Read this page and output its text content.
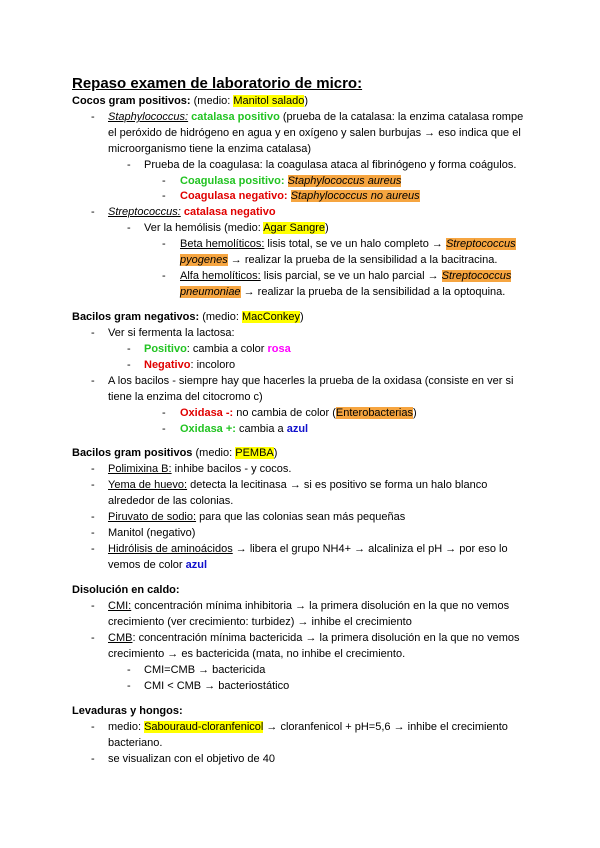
Repaso examen de laboratorio de micro:
Cocos gram positivos: (medio: Manitol salado)
- Staphylococcus: catalasa positivo (prueba de la catalasa: la enzima catalasa rompe
el peróxido de hidrógeno en agua y en oxígeno y salen burbujas → eso indica que el
microorganismo tiene la enzima catalasa)
- Prueba de la coagulasa: la coagulasa ataca al fibrinógeno y forma coágulos.
- Coagulasa positivo: Staphylococcus aureus
- Coagulasa negativo: Staphylococcus no aureus
- Streptococcus: catalasa negativo
- Ver la hemólisis (medio: Agar Sangre)
- Beta hemolíticos: lisis total, se ve un halo completo → Streptococcus
pyogenes → realizar la prueba de la sensibilidad a la bacitracina.
- Alfa hemolíticos: lisis parcial, se ve un halo parcial → Streptococcus
pneumoniae → realizar la prueba de la sensibilidad a la optoquina.
Bacilos gram negativos: (medio: MacConkey)
- Ver si fermenta la lactosa:
- Positivo: cambia a color rosa
- Negativo: incoloro
- A los bacilos - siempre hay que hacerles la prueba de la oxidasa (consiste en ver si
tiene la enzima del citocromo c)
- Oxidasa -: no cambia de color (Enterobacterias)
- Oxidasa +: cambia a azul
Bacilos gram positivos (medio: PEMBA)
- Polimixina B: inhibe bacilos - y cocos.
- Yema de huevo: detecta la lecitinasa → si es positivo se forma un halo blanco
alrededor de las colonias.
- Piruvato de sodio: para que las colonias sean más pequeñas
- Manitol (negativo)
- Hidrólisis de aminoácidos → libera el grupo NH4+ → alcaliniza el pH → por eso lo
vemos de color azul
Disolución en caldo:
- CMI: concentración mínima inhibitoria → la primera disolución en la que no vemos
crecimiento (ver crecimiento: turbidez) → inhibe el crecimiento
- CMB: concentración mínima bactericida → la primera disolución en la que no vemos
crecimiento → es bactericida (mata, no inhibe el crecimiento.
- CMI=CMB → bactericida
- CMI < CMB → bacteriostático
Levaduras y hongos:
- medio: Sabouraud-cloranfenicol → cloranfenicol + pH=5,6 → inhibe el crecimiento
bacteriano.
- se visualizan con el objetivo de 40
